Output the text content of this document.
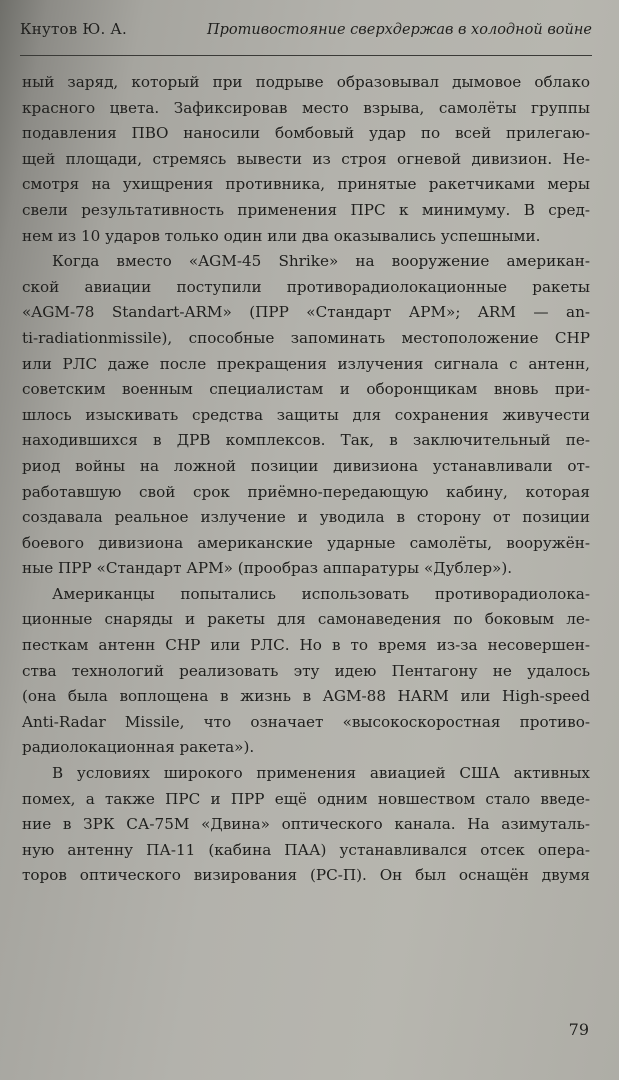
Кнутов Ю. А.	Противостояние сверхдержав в холодной войне
ный заряд, который при подрыве образовывал дымовое облако
красного цвета. Зафиксировав место взрыва, самолёты группы
подавления ПВО наносили бомбовый удар по всей прилегаю-
щей площади, стремясь вывести из строя огневой дивизион. Не-
смотря на ухищрения противника, принятые ракетчиками меры
свели результативность применения ПРС к минимуму. В сред-
нем из 10 ударов только один или два оказывались успешными.
Когда вместо «AGM-45 Shrike» на вооружение американ-
ской авиации поступили противорадиолокационные ракеты
«AGM-78 Standart-ARM» (ПРР «Стандарт АРМ»; ARM — an-
ti-radiationmissile), способные запоминать местоположение СНР
или РЛС даже после прекращения излучения сигнала с антенн,
советским военным специалистам и оборонщикам вновь при-
шлось изыскивать средства защиты для сохранения живучести
находившихся в ДРВ комплексов. Так, в заключительный пе-
риод войны на ложной позиции дивизиона устанавливали от-
работавшую свой срок приёмно-передающую кабину, которая
создавала реальное излучение и уводила в сторону от позиции
боевого дивизиона американские ударные самолёты, вооружён-
ные ПРР «Стандарт АРМ» (прообраз аппаратуры «Дублер»).
Американцы попытались использовать противорадиолока-
ционные снаряды и ракеты для самонаведения по боковым ле-
песткам антенн СНР или РЛС. Но в то время из-за несовершен-
ства технологий реализовать эту идею Пентагону не удалось
(она была воплощена в жизнь в AGM-88 HARM или High-speed
Anti-Radar Missile, что означает «высокоскоростная противо-
радиолокационная ракета»).
В условиях широкого применения авиацией США активных
помех, а также ПРС и ПРР ещё одним новшеством стало введе-
ние в ЗРК СА-75М «Двина» оптического канала. На азимуталь-
ную антенну ПА-11 (кабина ПАА) устанавливался отсек опера-
торов оптического визирования (РС-П). Он был оснащён двумя
79
